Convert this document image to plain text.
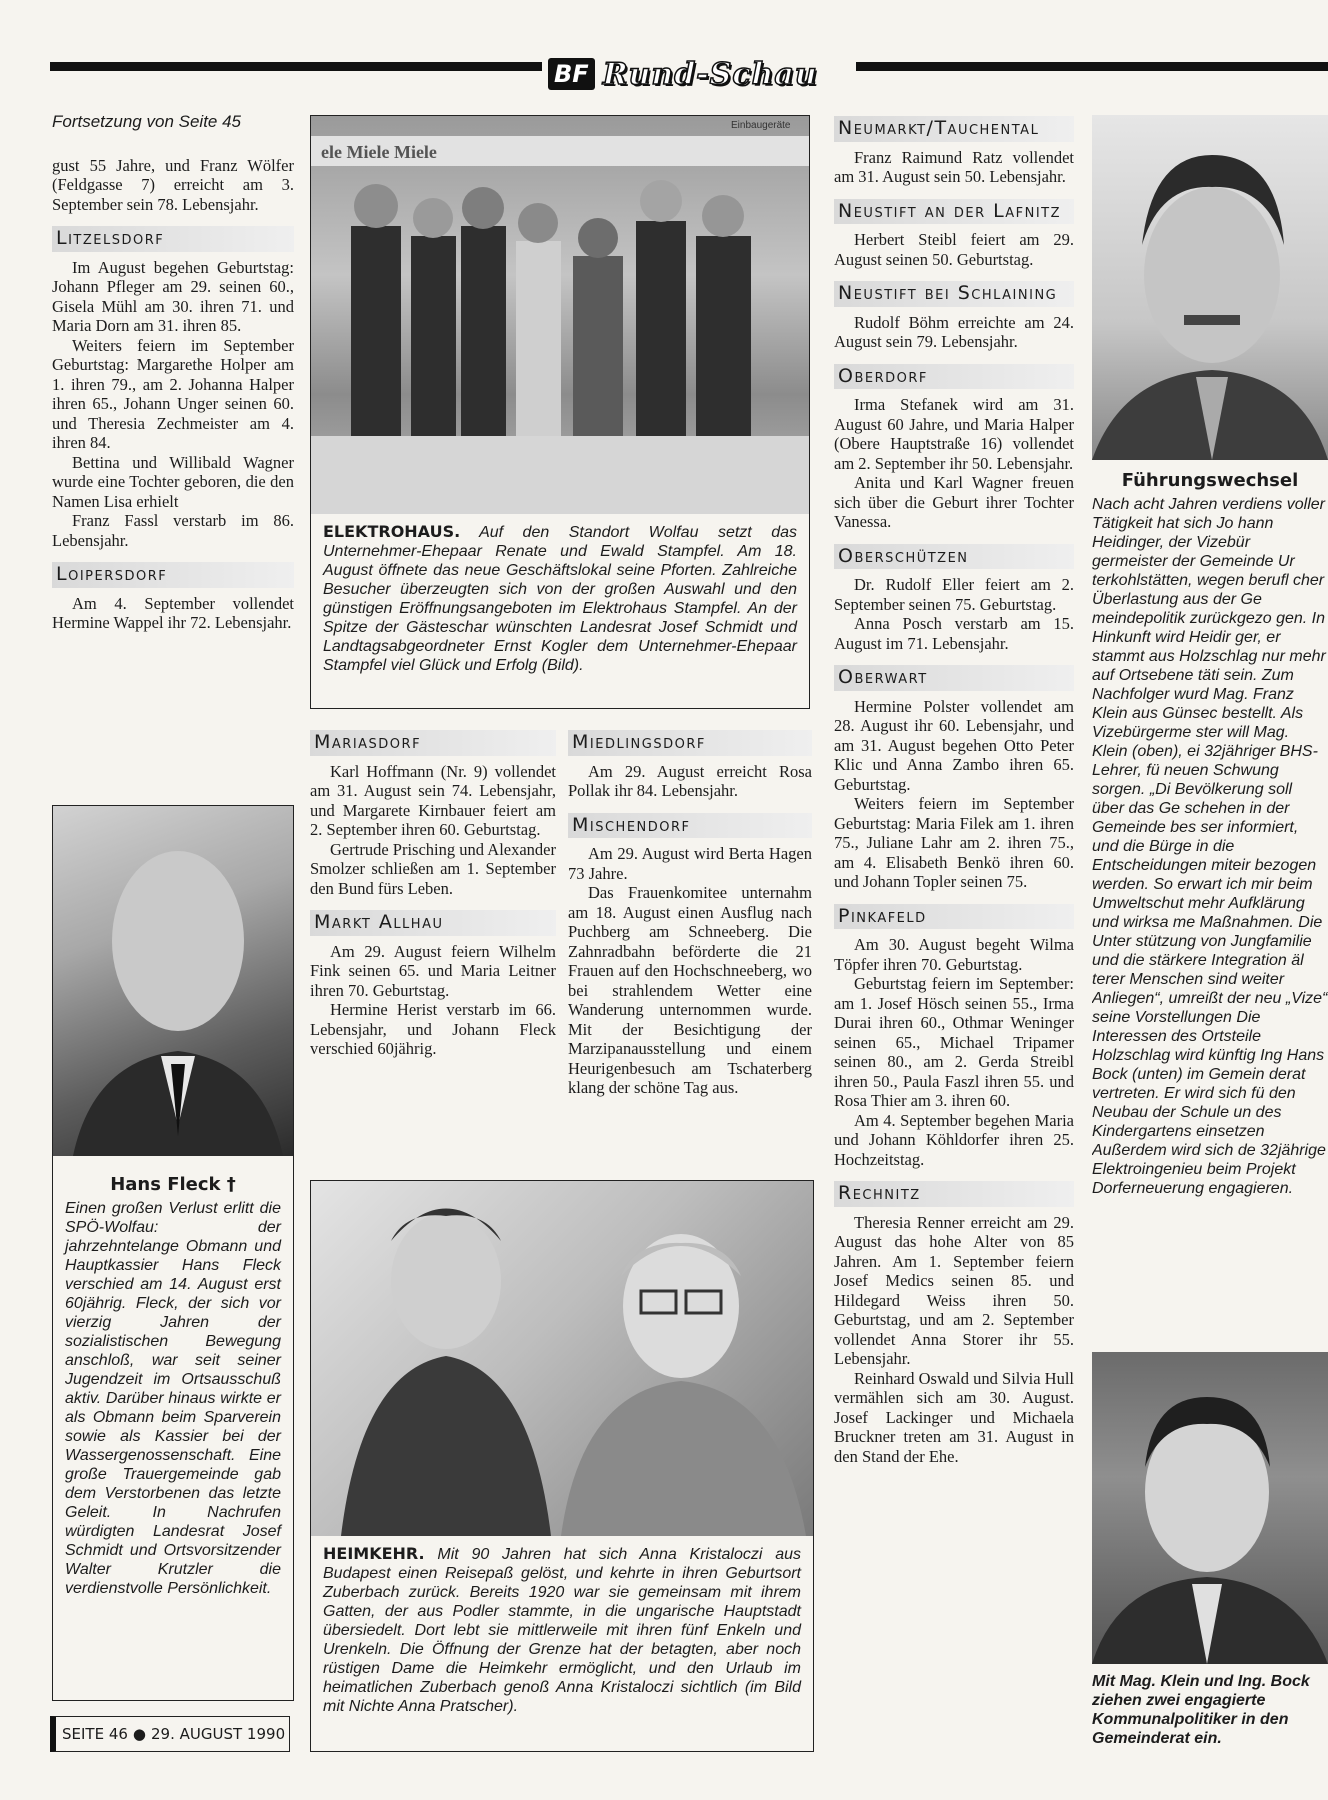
BF Rund-Schau

Fortsetzung von Seite 45

gust 55 Jahre, und Franz Wölfer (Feldgasse 7) erreicht am 3. September sein 78. Lebensjahr.

Litzelsdorf

Im August begehen Geburtstag: Johann Pfleger am 29. seinen 60., Gisela Mühl am 30. ihren 71. und Maria Dorn am 31. ihren 85.

Weiters feiern im September Geburtstag: Margarethe Holper am 1. ihren 79., am 2. Johanna Halper ihren 65., Johann Unger seinen 60. und Theresia Zechmeister am 4. ihren 84.

Bettina und Willibald Wagner wurde eine Tochter geboren, die den Namen Lisa erhielt

Franz Fassl verstarb im 86. Lebensjahr.

Loipersdorf

Am 4. September vollendet Hermine Wappel ihr 72. Lebensjahr.

Hans Fleck †
Einen großen Verlust erlitt die SPÖ-Wolfau: der jahrzehntelange Obmann und Hauptkassier Hans Fleck verschied am 14. August erst 60jährig. Fleck, der sich vor vierzig Jahren der sozialistischen Bewegung anschloß, war seit seiner Jugendzeit im Ortsausschuß aktiv. Darüber hinaus wirkte er als Obmann beim Sparverein sowie als Kassier bei der Wassergenossenschaft. Eine große Trauergemeinde gab dem Verstorbenen das letzte Geleit. In Nachrufen würdigten Landesrat Josef Schmidt und Ortsvorsitzender Walter Krutzler die verdienstvolle Persönlichkeit.
SEITE 46 ● 29. AUGUST 1990
ele Miele Miele
Einbaugeräte
ELEKTROHAUS. Auf den Standort Wolfau setzt das Unternehmer-Ehepaar Renate und Ewald Stampfel. Am 18. August öffnete das neue Geschäftslokal seine Pforten. Zahlreiche Besucher überzeugten sich von der großen Auswahl und den günstigen Eröffnungsangeboten im Elektrohaus Stampfel. An der Spitze der Gästeschar wünschten Landesrat Josef Schmidt und Landtagsabgeordneter Ernst Kogler dem Unternehmer-Ehepaar Stampfel viel Glück und Erfolg (Bild).
Mariasdorf

Karl Hoffmann (Nr. 9) vollendet am 31. August sein 74. Lebensjahr, und Margarete Kirnbauer feiert am 2. September ihren 60. Geburtstag.

Gertrude Prisching und Alexander Smolzer schließen am 1. September den Bund fürs Leben.

Markt Allhau

Am 29. August feiern Wilhelm Fink seinen 65. und Maria Leitner ihren 70. Geburtstag.

Hermine Herist verstarb im 66. Lebensjahr, und Johann Fleck verschied 60jährig.

Miedlingsdorf

Am 29. August erreicht Rosa Pollak ihr 84. Lebensjahr.

Mischendorf

Am 29. August wird Berta Hagen 73 Jahre.

Das Frauenkomitee unternahm am 18. August einen Ausflug nach Puchberg am Schneeberg. Die Zahnradbahn beförderte die 21 Frauen auf den Hochschneeberg, wo bei strahlendem Wetter eine Wanderung unternommen wurde. Mit der Besichtigung der Marzipanausstellung und einem Heurigenbesuch am Tschaterberg klang der schöne Tag aus.

HEIMKEHR. Mit 90 Jahren hat sich Anna Kristaloczi aus Budapest einen Reisepaß gelöst, und kehrte in ihren Geburtsort Zuberbach zurück. Bereits 1920 war sie gemeinsam mit ihrem Gatten, der aus Podler stammte, in die ungarische Hauptstadt übersiedelt. Dort lebt sie mittlerweile mit ihren fünf Enkeln und Urenkeln. Die Öffnung der Grenze hat der betagten, aber noch rüstigen Dame die Heimkehr ermöglicht, und den Urlaub im heimatlichen Zuberbach genoß Anna Kristaloczi sichtlich (im Bild mit Nichte Anna Pratscher).
Neumarkt/Tauchental

Franz Raimund Ratz vollendet am 31. August sein 50. Lebensjahr.

Neustift an der Lafnitz

Herbert Steibl feiert am 29. August seinen 50. Geburtstag.

Neustift bei Schlaining

Rudolf Böhm erreichte am 24. August sein 79. Lebensjahr.

Oberdorf

Irma Stefanek wird am 31. August 60 Jahre, und Maria Halper (Obere Hauptstraße 16) vollendet am 2. September ihr 50. Lebensjahr.

Anita und Karl Wagner freuen sich über die Geburt ihrer Tochter Vanessa.

Oberschützen

Dr. Rudolf Eller feiert am 2. September seinen 75. Geburtstag.

Anna Posch verstarb am 15. August im 71. Lebensjahr.

Oberwart

Hermine Polster vollendet am 28. August ihr 60. Lebensjahr, und am 31. August begehen Otto Peter Klic und Anna Zambo ihren 65. Geburtstag.

Weiters feiern im September Geburtstag: Maria Filek am 1. ihren 75., Juliane Lahr am 2. ihren 75., am 4. Elisabeth Benkö ihren 60. und Johann Topler seinen 75.

Pinkafeld

Am 30. August begeht Wilma Töpfer ihren 70. Geburtstag.

Geburtstag feiern im September: am 1. Josef Hösch seinen 55., Irma Durai ihren 60., Othmar Weninger seinen 65., Michael Tripamer seinen 80., am 2. Gerda Streibl ihren 50., Paula Faszl ihren 55. und Rosa Thier am 3. ihren 60.

Am 4. September begehen Maria und Johann Köhldorfer ihren 25. Hochzeitstag.

Rechnitz

Theresia Renner erreicht am 29. August das hohe Alter von 85 Jahren. Am 1. September feiern Josef Medics seinen 85. und Hildegard Weiss ihren 50. Geburtstag, und am 2. September vollendet Anna Storer ihr 55. Lebensjahr.

Reinhard Oswald und Silvia Hull vermählen sich am 30. August. Josef Lackinger und Michaela Bruckner treten am 31. August in den Stand der Ehe.

Führungswechsel
Nach acht Jahren verdiens voller Tätigkeit hat sich Jo hann Heidinger, der Vizebür germeister der Gemeinde Ur terkohlstätten, wegen berufl cher Überlastung aus der Ge meindepolitik zurückgezo gen. In Hinkunft wird Heidir ger, er stammt aus Holzschlag nur mehr auf Ortsebene täti sein. Zum Nachfolger wurd Mag. Franz Klein aus Günsec bestellt. Als Vizebürgerme ster will Mag. Klein (oben), ei 32jähriger BHS-Lehrer, fü neuen Schwung sorgen. „Di Bevölkerung soll über das Ge schehen in der Gemeinde bes ser informiert, und die Bürge in die Entscheidungen miteir bezogen werden. So erwart ich mir beim Umweltschut mehr Aufklärung und wirksa me Maßnahmen. Die Unter stützung von Jungfamilie und die stärkere Integration äl terer Menschen sind weiter Anliegen“, umreißt der neu „Vize“ seine Vorstellungen Die Interessen des Ortsteile Holzschlag wird künftig Ing Hans Bock (unten) im Gemein derat vertreten. Er wird sich fü den Neubau der Schule un des Kindergartens einsetzen Außerdem wird sich de 32jährige Elektroingenieu beim Projekt Dorferneuerung engagieren.
Mit Mag. Klein und Ing. Bock ziehen zwei engagierte Kommunalpolitiker in den Gemeinderat ein.
